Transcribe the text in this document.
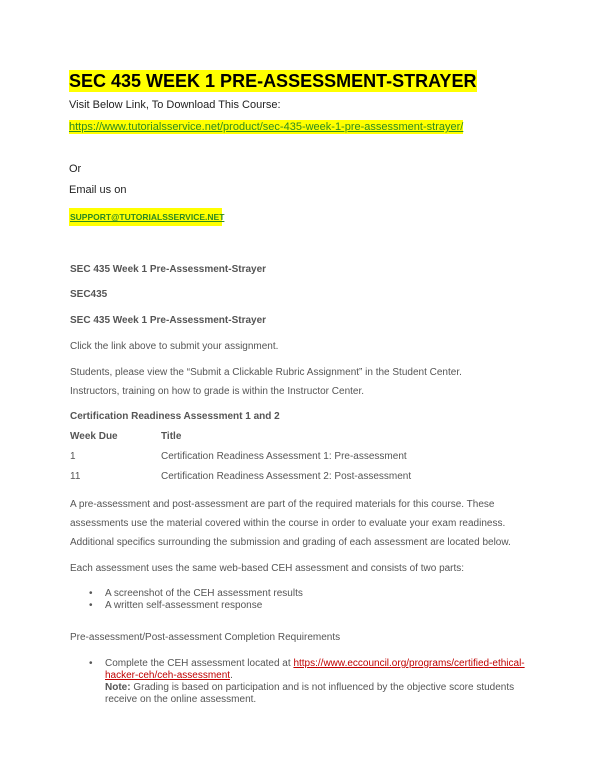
SEC 435 WEEK 1 PRE-ASSESSMENT-STRAYER
Visit Below Link, To Download This Course:
https://www.tutorialsservice.net/product/sec-435-week-1-pre-assessment-strayer/
Or
Email us on
SUPPORT@TUTORIALSSERVICE.NET
SEC 435 Week 1 Pre-Assessment-Strayer
SEC435
SEC 435 Week 1 Pre-Assessment-Strayer
Click the link above to submit your assignment.
Students, please view the “Submit a Clickable Rubric Assignment” in the Student Center.
Instructors, training on how to grade is within the Instructor Center.
Certification Readiness Assessment 1 and 2
Week Due	Title
1	Certification Readiness Assessment 1: Pre-assessment
11	Certification Readiness Assessment 2: Post-assessment
A pre-assessment and post-assessment are part of the required materials for this course. These
assessments use the material covered within the course in order to evaluate your exam readiness.
Additional specifics surrounding the submission and grading of each assessment are located below.
Each assessment uses the same web-based CEH assessment and consists of two parts:
• A screenshot of the CEH assessment results
• A written self-assessment response
Pre-assessment/Post-assessment Completion Requirements
• Complete the CEH assessment located at https://www.eccouncil.org/programs/certified-ethical-
hacker-ceh/ceh-assessment.
Note: Grading is based on participation and is not influenced by the objective score students
receive on the online assessment.
